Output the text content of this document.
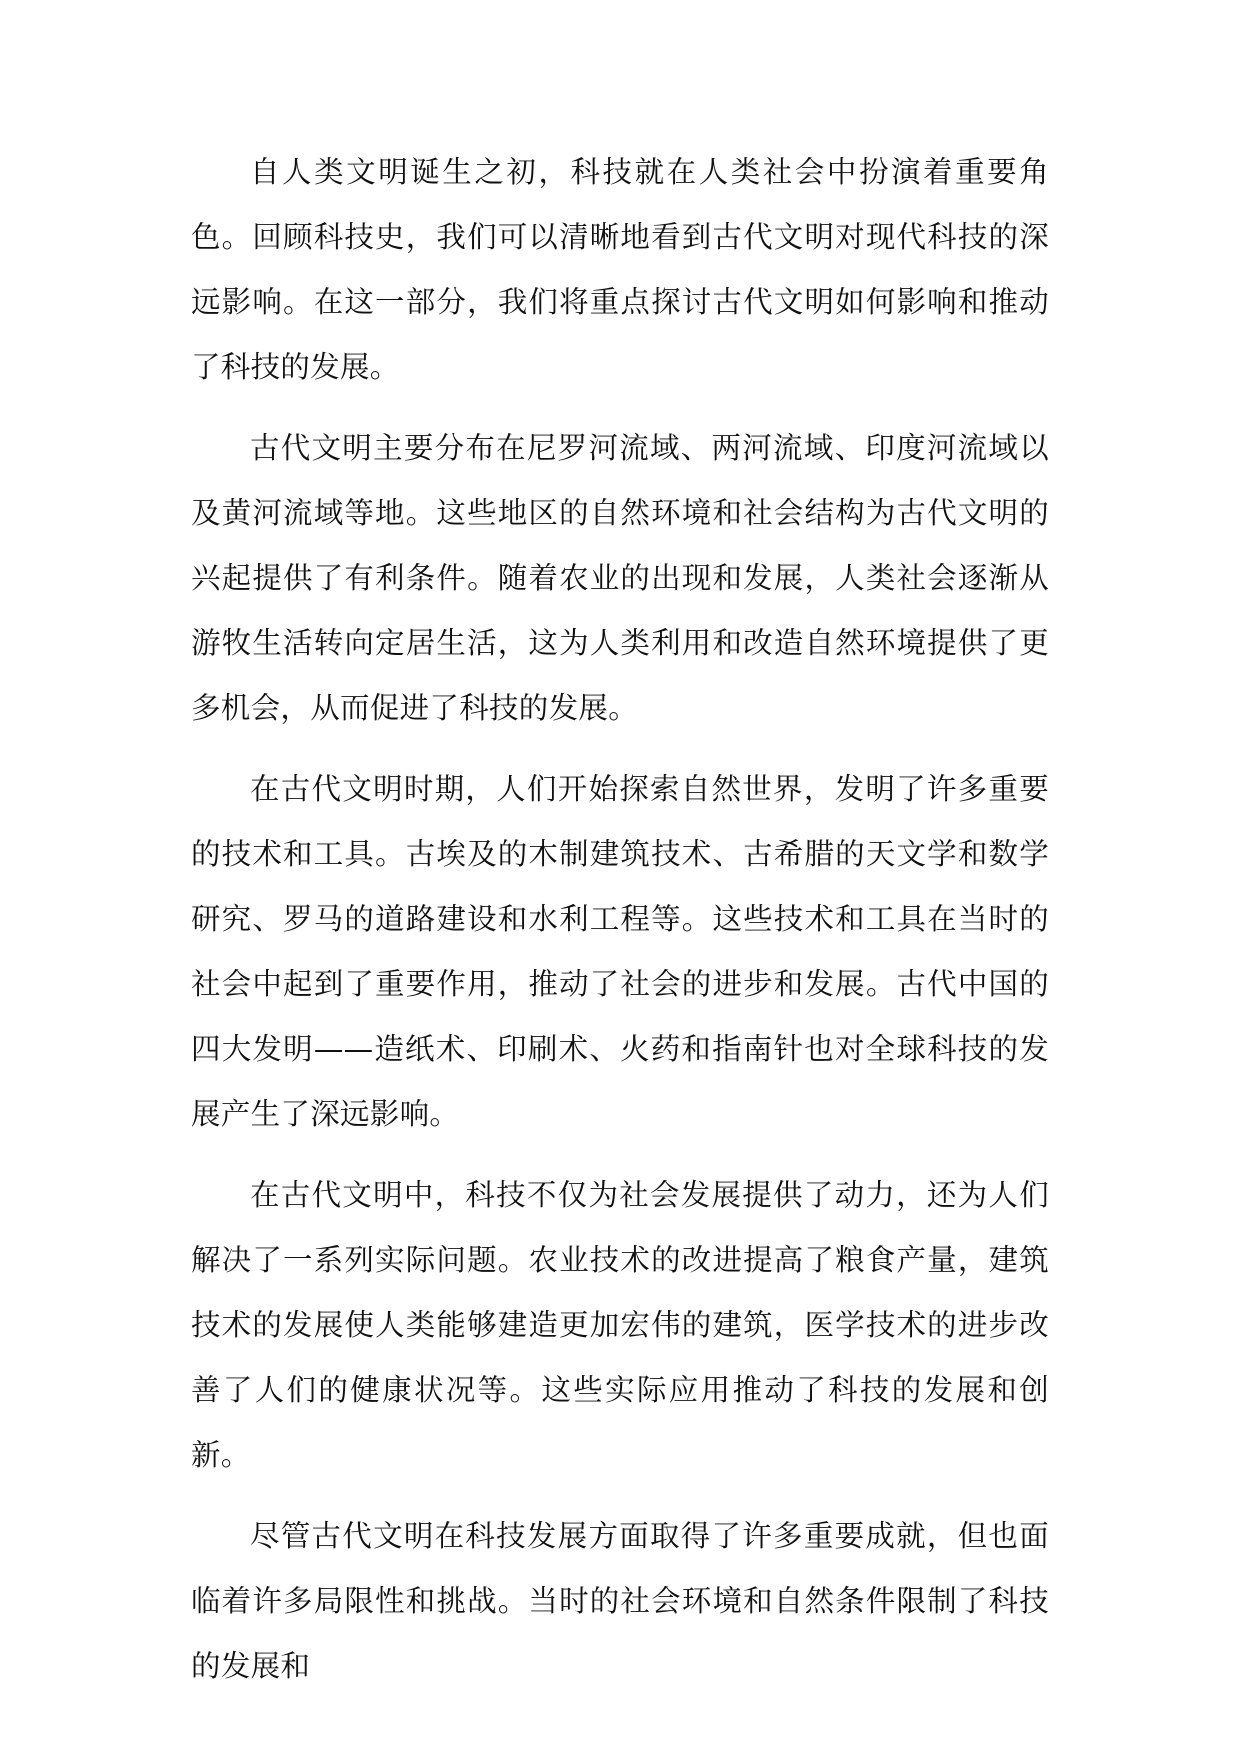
自人类文明诞生之初，科技就在人类社会中扮演着重要角色。回顾科技史，我们可以清晰地看到古代文明对现代科技的深远影响。在这一部分，我们将重点探讨古代文明如何影响和推动了科技的发展。

古代文明主要分布在尼罗河流域、两河流域、印度河流域以及黄河流域等地。这些地区的自然环境和社会结构为古代文明的兴起提供了有利条件。随着农业的出现和发展，人类社会逐渐从游牧生活转向定居生活，这为人类利用和改造自然环境提供了更多机会，从而促进了科技的发展。

在古代文明时期，人们开始探索自然世界，发明了许多重要的技术和工具。古埃及的木制建筑技术、古希腊的天文学和数学研究、罗马的道路建设和水利工程等。这些技术和工具在当时的社会中起到了重要作用，推动了社会的进步和发展。古代中国的四大发明——造纸术、印刷术、火药和指南针也对全球科技的发展产生了深远影响。

在古代文明中，科技不仅为社会发展提供了动力，还为人们解决了一系列实际问题。农业技术的改进提高了粮食产量，建筑技术的发展使人类能够建造更加宏伟的建筑，医学技术的进步改善了人们的健康状况等。这些实际应用推动了科技的发展和创新。

尽管古代文明在科技发展方面取得了许多重要成就，但也面临着许多局限性和挑战。当时的社会环境和自然条件限制了科技的发展和
